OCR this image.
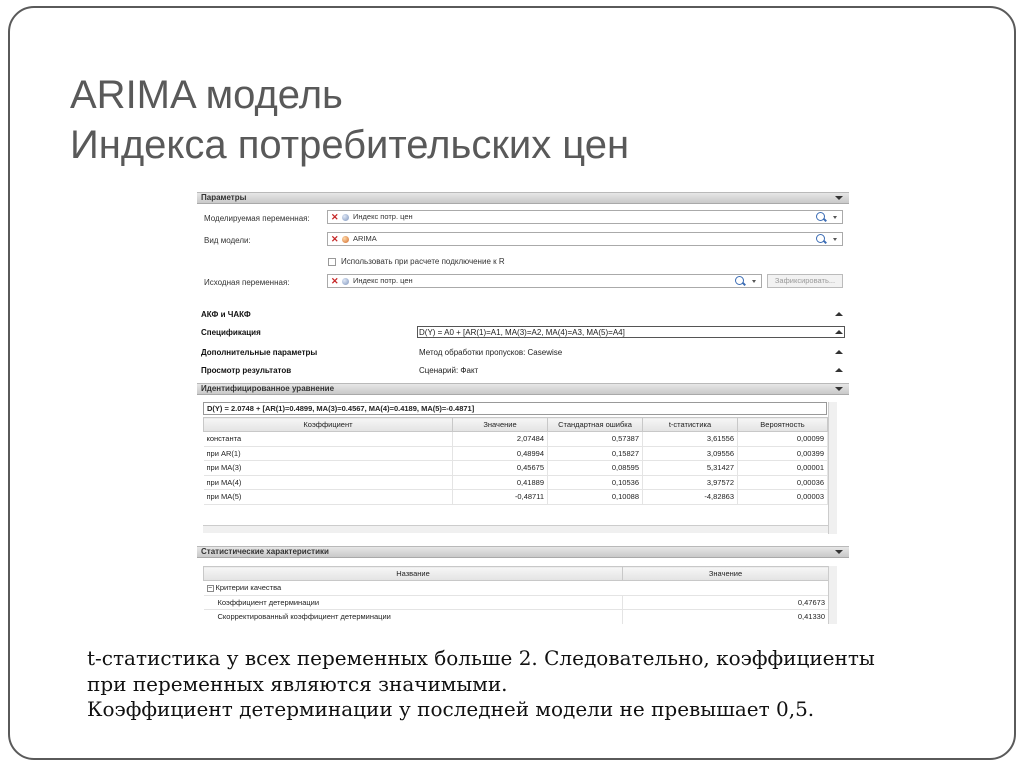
ARIMA модель
Индекса потребительских цен
Параметры
Моделируемая переменная: ✕ Индекс потр. цен
Вид модели:	✕ ARIMA
Использовать при расчете подключение к R
Исходная переменная:	✕ Индекс потр. цен	Зафиксировать...
АКФ и ЧАКФ
Спецификация	D(Y) = A0 + [AR(1)=A1, MA(3)=A2, MA(4)=A3, MA(5)=A4]
Дополнительные параметры	Метод обработки пропусков: Casewise
Просмотр результатов	Сценарий: Факт
Идентифицированное уравнение
D(Y) = 2.0748 + [AR(1)=0.4899, MA(3)=0.4567, MA(4)=0.4189, MA(5)=-0.4871]
Коэффициент	Значение	Стандартная ошибка	t-статистика	Вероятность
константа	2,07484	0,57387	3,61556	0,00099
при AR(1)	0,48994	0,15827	3,09556	0,00399
при MA(3)	0,45675	0,08595	5,31427	0,00001
при MA(4)	0,41889	0,10536	3,97572	0,00036
при MA(5)	-0,48711	0,10088	-4,82863	0,00003
Статистические характеристики
Название	Значение
− Критерии качества	
Коэффициент детерминации	0,47673
Скорректированный коэффициент детерминации	0,41330
t-статистика у всех переменных больше 2. Следовательно, коэффициенты
при переменных являются значимыми.
Коэффициент детерминации у последней модели не превышает 0,5.
